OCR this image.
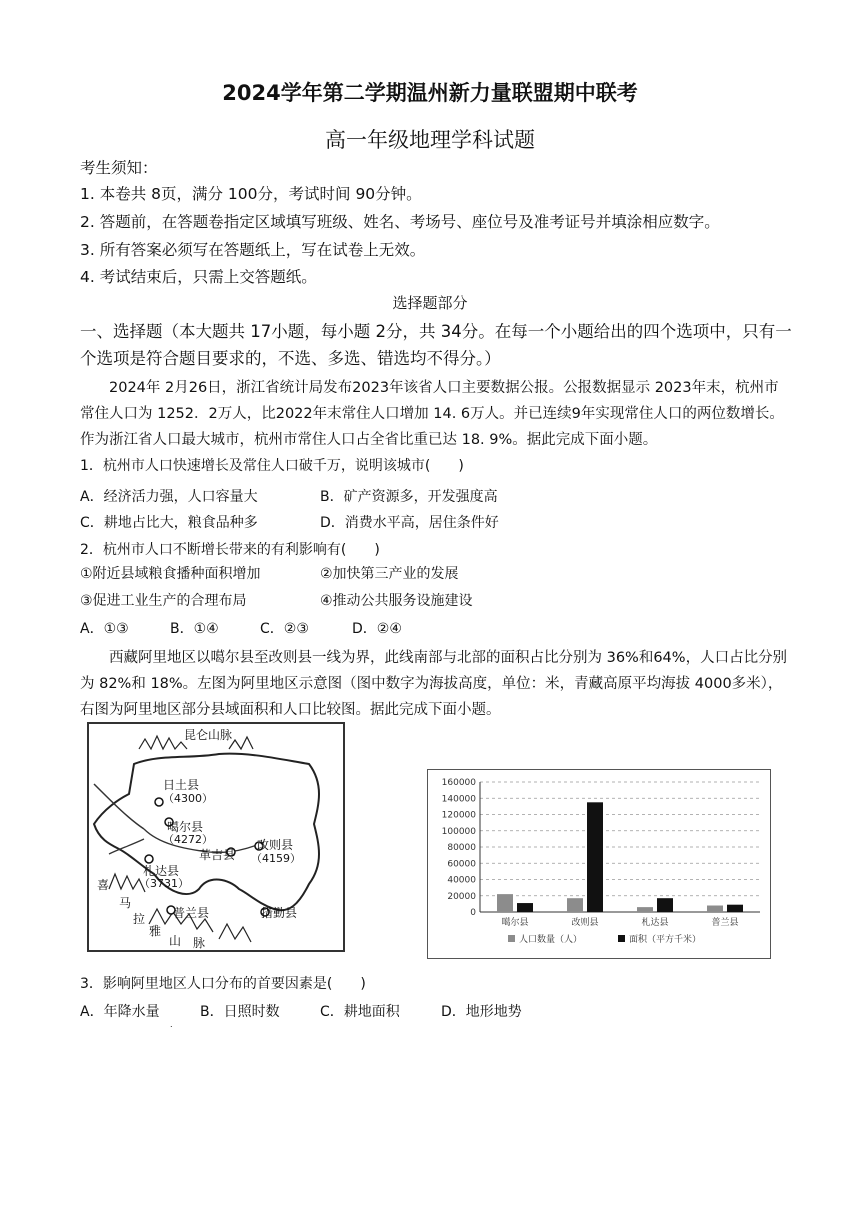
2024学年第二学期温州新力量联盟期中联考
高一年级地理学科试题
考生须知：
1. 本卷共 8页，满分 100分，考试时间 90分钟。
2. 答题前，在答题卷指定区域填写班级、姓名、考场号、座位号及准考证号并填涂相应数字。
3. 所有答案必须写在答题纸上，写在试卷上无效。
4. 考试结束后，只需上交答题纸。
选择题部分
一、选择题（本大题共 17小题，每小题 2分，共 34分。在每一个小题给出的四个选项中，只有一个选项是符合题目要求的，不选、多选、错选均不得分。）
2024年 2月26日，浙江省统计局发布2023年该省人口主要数据公报。公报数据显示 2023年末，杭州市常住人口为 1252．2万人，比2022年末常住人口增加 14. 6万人。并已连续9年实现常住人口的两位数增长。作为浙江省人口最大城市，杭州市常住人口占全省比重已达 18. 9%。据此完成下面小题。
1．杭州市人口快速增长及常住人口破千万，说明该城市(　　)
A．经济活力强，人口容量大	B．矿产资源多，开发强度高
C．耕地占比大，粮食品种多	D．消费水平高，居住条件好
2．杭州市人口不断增长带来的有利影响有(　　)
①附近县域粮食播种面积增加	②加快第三产业的发展
③促进工业生产的合理布局	④推动公共服务设施建设
A．①③	B．①④	C．②③	D．②④
西藏阿里地区以噶尔县至改则县一线为界，此线南部与北部的面积占比分别为 36%和64%，人口占比分别为 82%和 18%。左图为阿里地区示意图（图中数字为海拔高度，单位：米，青藏高原平均海拔 4000多米），右图为阿里地区部分县域面积和人口比较图。据此完成下面小题。
昆仑山脉
日土县
（4300）
噶尔县
（4272）
革吉县
改则县
（4159）
札达县
（3731）
普兰县	措勤县
喜
马
拉
雅
山 脉
0
20000
40000
60000
80000
100000
120000
140000
160000
噶尔县	改则县	札达县	普兰县
人口数量（人）	面积（平方千米）
3．影响阿里地区人口分布的首要因素是(　　)
A．年降水量	B．日照时数	C．耕地面积	D．地形地势
.
